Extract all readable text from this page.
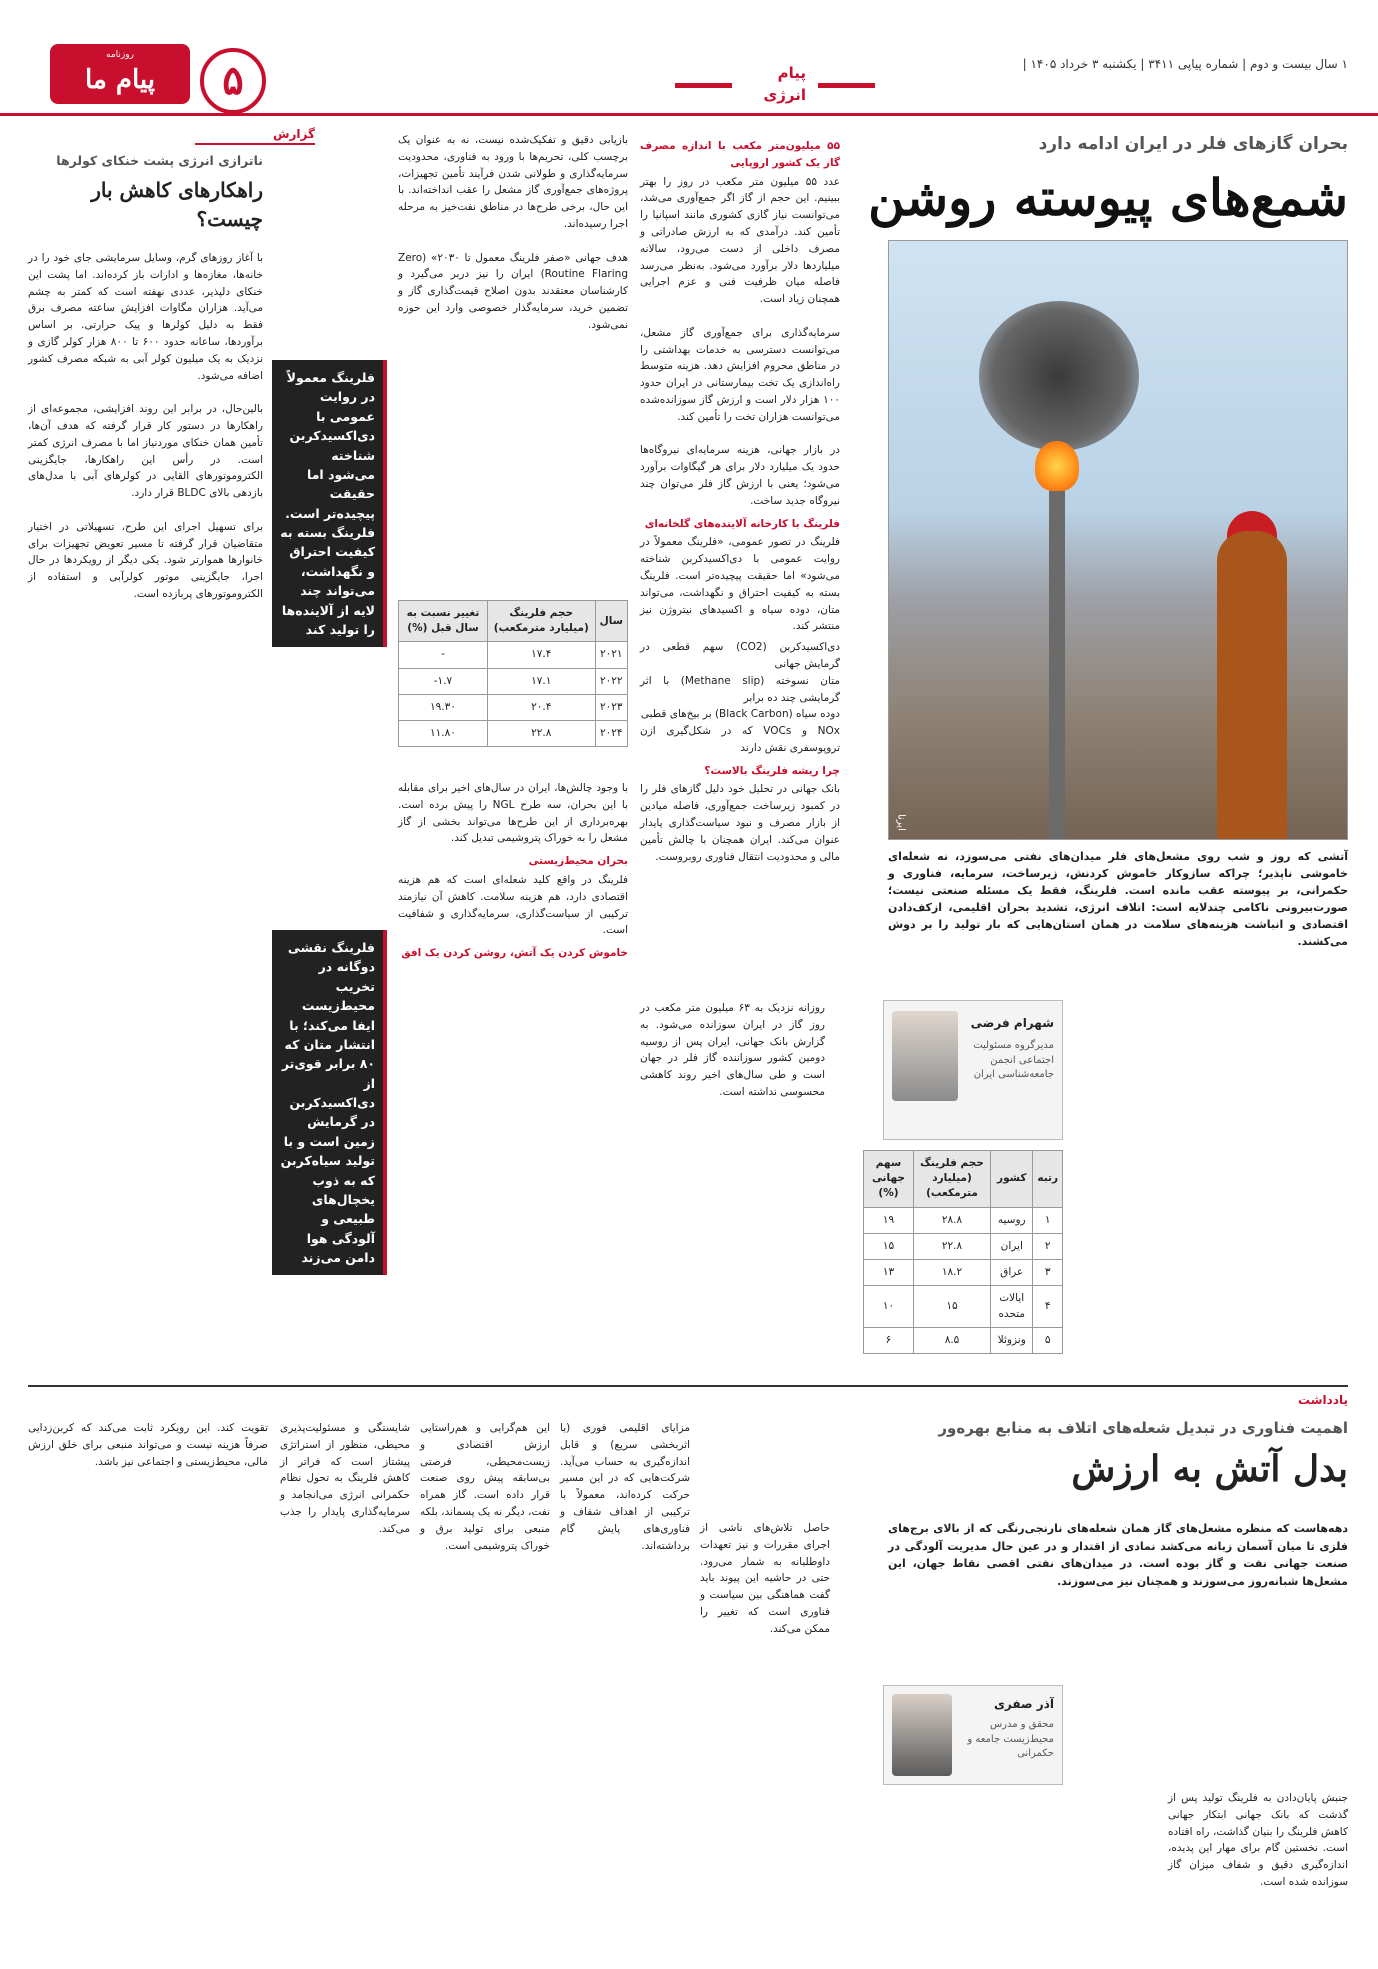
۱ سال بیست و دوم | شماره پیاپی ۳۴۱۱ | یکشنبه ۳ خرداد ۱۴۰۵ |
پیام انرژی
روزنامه
پیام ما	۵
بحران گازهای فلر در ایران ادامه دارد
شمع‌های پیوسته روشن
ایرنا
آتشی که روز و شب روی مشعل‌های فلر میدان‌های نفتی می‌سوزد، نه شعله‌ای خاموشی ناپذیر؛ چراکه سازوکار خاموش کردنش، زیرساخت، سرمایه، فناوری و حکمرانی، بر پیوسته عقب مانده است. فلرینگ، فقط یک مسئله صنعتی نیست؛ صورت‌بیرونی ناکامی چندلایه است: اتلاف انرژی، تشدید بحران اقلیمی، ازکف‌دادن اقتصادی و انباشت هزینه‌های سلامت در همان استان‌هایی که بار تولید را بر دوش می‌کشند.
۵۵ میلیون‌متر مکعب با اندازه مصرف گاز یک کشور اروپایی
عدد ۵۵ میلیون متر مکعب در روز را بهتر ببینیم. این حجم از گاز اگر جمع‌آوری می‌شد، می‌توانست نیاز گازی کشوری مانند اسپانیا را تأمین کند. درآمدی که به ارزش صادراتی و مصرف داخلی از دست می‌رود، سالانه میلیاردها دلار برآورد می‌شود. به‌نظر می‌رسد فاصله میان ظرفیت فنی و عزم اجرایی همچنان زیاد است.

سرمایه‌گذاری برای جمع‌آوری گاز مشعل، می‌توانست دسترسی به خدمات بهداشتی را در مناطق محروم افزایش دهد. هزینه متوسط راه‌اندازی یک تخت بیمارستانی در ایران حدود ۱۰۰ هزار دلار است و ارزش گاز سوزانده‌شده می‌توانست هزاران تخت را تأمین کند.

در بازار جهانی، هزینه سرمایه‌ای نیروگاه‌ها حدود یک میلیارد دلار برای هر گیگاوات برآورد می‌شود؛ یعنی با ارزش گاز فلر می‌توان چند نیروگاه جدید ساخت.
فلرینگ با کارخانه آلاینده‌های گلخانه‌ای
فلرینگ در تصور عمومی، «فلرینگ معمولاً در روایت عمومی با دی‌اکسیدکربن شناخته می‌شود» اما حقیقت پیچیده‌تر است. فلرینگ بسته به کیفیت احتراق و نگهداشت، می‌تواند متان، دوده سیاه و اکسیدهای نیتروژن نیز منتشر کند.
دی‌اکسیدکربن (CO2) سهم قطعی در گرمایش جهانی
متان نسوخته (Methane slip) با اثر گرمایشی چند ده برابر
دوده سیاه (Black Carbon) بر بیخ‌های قطبی
NOx و VOCs که در شکل‌گیری ازن تروپوسفری نقش دارند
چرا ریشه فلرینگ بالاست؟
بانک جهانی در تحلیل خود دلیل گازهای فلر را در کمبود زیرساخت جمع‌آوری، فاصله میادین از بازار مصرف و نبود سیاست‌گذاری پایدار عنوان می‌کند. ایران همچنان با چالش تأمین مالی و محدودیت انتقال فناوری روبروست.
بازیابی دقیق و تفکیک‌شده نیست، نه به عنوان یک برچسب کلی، تحریم‌ها با ورود به فناوری، محدودیت سرمایه‌گذاری و طولانی شدن فرآیند تأمین تجهیزات، پروژه‌های جمع‌آوری گاز مشعل را عقب انداخته‌اند. با این حال، برخی طرح‌ها در مناطق نفت‌خیز به مرحله اجرا رسیده‌اند.

هدف جهانی «صفر فلرینگ معمول تا ۲۰۳۰» (Zero Routine Flaring) ایران را نیز دربر می‌گیرد و کارشناسان معتقدند بدون اصلاح قیمت‌گذاری گاز و تضمین خرید، سرمایه‌گذار خصوصی وارد این حوزه نمی‌شود.
سال	حجم فلرینگ (میلیارد مترمکعب)	تغییر نسبت به سال قبل (%)
۲۰۲۱	۱۷.۴	-
۲۰۲۲	۱۷.۱	۱.۷-
۲۰۲۳	۲۰.۴	۱۹.۳۰
۲۰۲۴	۲۲.۸	۱۱.۸۰
با وجود چالش‌ها، ایران در سال‌های اخیر برای مقابله با این بحران، سه طرح NGL را پیش برده است. بهره‌برداری از این طرح‌ها می‌تواند بخشی از گاز مشعل را به خوراک پتروشیمی تبدیل کند.
بحران محیط‌زیستی
فلرینگ در واقع کلید شعله‌ای است که هم هزینه اقتصادی دارد، هم هزینه سلامت. کاهش آن نیازمند ترکیبی از سیاست‌گذاری، سرمایه‌گذاری و شفافیت است.
خاموش کردن یک آتش، روشن کردن یک افق
شهرام فرضی
مدیرگروه مسئولیت اجتماعی انجمن جامعه‌شناسی ایران
روزانه نزدیک به ۶۳ میلیون متر مکعب در روز گاز در ایران سوزانده می‌شود. به گزارش بانک جهانی، ایران پس از روسیه دومین کشور سوزاننده گاز فلر در جهان است و طی سال‌های اخیر روند کاهشی محسوسی نداشته است.
رتبه	کشور	حجم فلرینگ (میلیارد مترمکعب)	سهم جهانی (%)
۱	روسیه	۲۸.۸	۱۹
۲	ایران	۲۲.۸	۱۵
۳	عراق	۱۸.۲	۱۳
۴	ایالات متحده	۱۵	۱۰
۵	ونزوئلا	۸.۵	۶
فلرینگ معمولاً در روایت عمومی با دی‌اکسیدکربن شناخته می‌شود اما حقیقت پیچیده‌تر است. فلرینگ بسته به کیفیت احتراق و نگهداشت، می‌تواند چند لایه از آلاینده‌ها را تولید کند
فلرینگ نقشی دوگانه در تخریب محیط‌زیست ایفا می‌کند؛ با انتشار متان که ۸۰ برابر قوی‌تر از دی‌اکسیدکربن در گرمایش زمین است و با تولید سیاه‌کربن که به ذوب یخچال‌های طبیعی و آلودگی هوا دامن می‌زند
گزارش
ناترازی انرژی پشت خنکای کولرها
راهکارهای کاهش بار چیست؟
با آغاز روزهای گرم، وسایل سرمایشی جای خود را در خانه‌ها، مغازه‌ها و ادارات باز کرده‌اند. اما پشت این خنکای دلپذیر، عددی نهفته است که کمتر به چشم می‌آید. هزاران مگاوات افزایش ساعته مصرف برق فقط به دلیل کولرها و پیک حرارتی. بر اساس برآوردها، ساعانه حدود ۶۰۰ تا ۸۰۰ هزار کولر گازی و نزدیک به یک میلیون کولر آبی به شبکه مصرف کشور اضافه می‌شود.

بالین‌حال، در برابر این روند افزایشی، مجموعه‌ای از راهکارها در دستور کار قرار گرفته که هدف آن‌ها، تأمین همان خنکای موردنیاز اما با مصرف انرژی کمتر است. در رأس این راهکارها، جایگزینی الکتروموتورهای القایی در کولرهای آبی با مدل‌های بازدهی بالای BLDC قرار دارد.

برای تسهیل اجرای این طرح، تسهیلاتی در اختیار متقاضیان قرار گرفته تا مسیر تعویض تجهیزات برای خانوارها هموارتر شود. یکی دیگر از رویکردها در حال اجرا، جایگزینی موتور کولرآبی و استفاده از الکتروموتورهای پربازده است.
یادداشت
اهمیت فناوری در تبدیل شعله‌های اتلاف به منابع بهره‌ور
بدل آتش به ارزش
دهه‌هاست که منظره مشعل‌های گاز همان شعله‌های نارنجی‌رنگی که از بالای برج‌های فلزی تا میان آسمان زبانه می‌کشد نمادی از اقتدار و در عین حال مدیریت آلودگی در صنعت جهانی نفت و گاز بوده است. در میدان‌های نفتی اقصی نقاط جهان، این مشعل‌ها شبانه‌روز می‌سوزند و همچنان نیز می‌سوزند.
آذر صفری
محقق و مدرس محیط‌زیست جامعه و حکمرانی
جنبش پایان‌دادن به فلرینگ تولید پس از گذشت که بانک جهانی ابتکار جهانی کاهش فلرینگ را بنیان گذاشت، راه افتاده است. نخستین گام برای مهار این پدیده، اندازه‌گیری دقیق و شفاف میزان گاز سوزانده شده است.
حاصل تلاش‌های ناشی از اجرای مقررات و نیز تعهدات داوطلبانه به شمار می‌رود. حتی در حاشیه این پیوند باید گفت هماهنگی بین سیاست و فناوری است که تغییر را ممکن می‌کند.
مزایای اقلیمی فوری (یا اثربخشی سریع) و قابل اندازه‌گیری به حساب می‌آید. شرکت‌هایی که در این مسیر حرکت کرده‌اند، معمولاً با ترکیبی از اهداف شفاف و فناوری‌های پایش گام برداشته‌اند.
این هم‌گرایی و هم‌راستایی ارزش اقتصادی و زیست‌محیطی، فرصتی بی‌سابقه پیش روی صنعت قرار داده است. گاز همراه نفت، دیگر نه یک پسماند، بلکه منبعی برای تولید برق و خوراک پتروشیمی است.
شایستگی و مسئولیت‌پذیری محیطی، منظور از استراتژی پیشتاز است که فراتر از کاهش فلرینگ به تحول نظام حکمرانی انرژی می‌انجامد و سرمایه‌گذاری پایدار را جذب می‌کند.
تقویت کند. این رویکرد ثابت می‌کند که کربن‌زدایی صرفاً هزینه نیست و می‌تواند منبعی برای خلق ارزش مالی، محیط‌زیستی و اجتماعی نیز باشد.
